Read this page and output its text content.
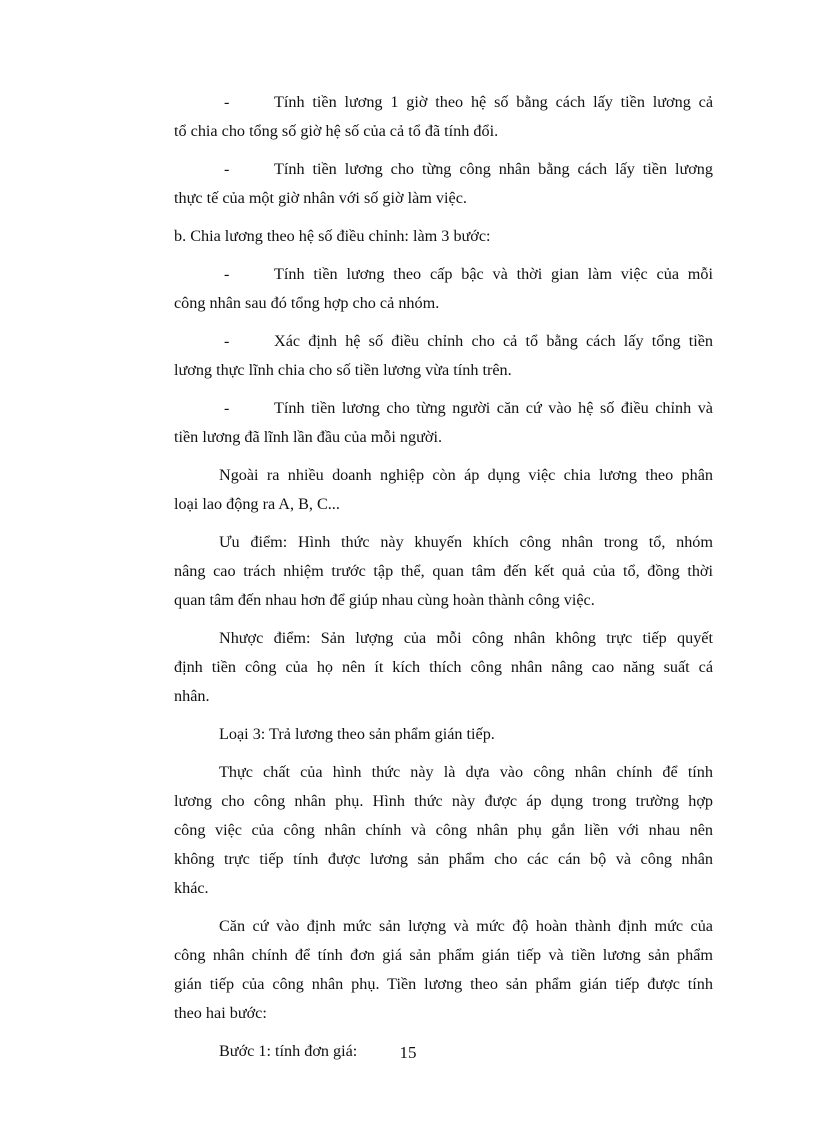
-	Tính tiền lương 1 giờ theo hệ số bằng cách lấy tiền lương cả
tổ chia cho tổng số giờ hệ số của cả tổ đã tính đổi.

-	Tính tiền lương cho từng công nhân bằng cách lấy tiền lương
thực tế của một giờ nhân với số giờ làm việc.

b. Chia lương theo hệ số điều chỉnh: làm 3 bước:

-	Tính tiền lương theo cấp bậc và thời gian làm việc của mỗi
công nhân sau đó tổng hợp cho cả nhóm.

-	Xác định hệ số điều chỉnh cho cả tổ bằng cách lấy tổng tiền
lương thực lĩnh chia cho số tiền lương vừa tính trên.

-	Tính tiền lương cho từng người căn cứ vào hệ số điều chỉnh và
tiền lương đã lĩnh lần đầu của mỗi người.

Ngoài ra nhiều doanh nghiệp còn áp dụng việc chia lương theo phân
loại lao động ra A, B, C...

Ưu điểm: Hình thức này khuyến khích công nhân trong tổ, nhóm
nâng cao trách nhiệm trước tập thể, quan tâm đến kết quả của tổ, đồng thời
quan tâm đến nhau hơn để giúp nhau cùng hoàn thành công việc.

Nhược điểm: Sản lượng của mỗi công nhân không trực tiếp quyết
định tiền công của họ nên ít kích thích công nhân nâng cao năng suất cá
nhân.

Loại 3: Trả lương theo sản phẩm gián tiếp.

Thực chất của hình thức này là dựa vào công nhân chính để tính
lương cho công nhân phụ. Hình thức này được áp dụng trong trường hợp
công việc của công nhân chính và công nhân phụ gắn liền với nhau nên
không trực tiếp tính được lương sản phẩm cho các cán bộ và công nhân
khác.

Căn cứ vào định mức sản lượng và mức độ hoàn thành định mức của
công nhân chính để tính đơn giá sản phẩm gián tiếp và tiền lương sản phẩm
gián tiếp của công nhân phụ. Tiền lương theo sản phẩm gián tiếp được tính
theo hai bước:

Bước 1: tính đơn giá:	15
